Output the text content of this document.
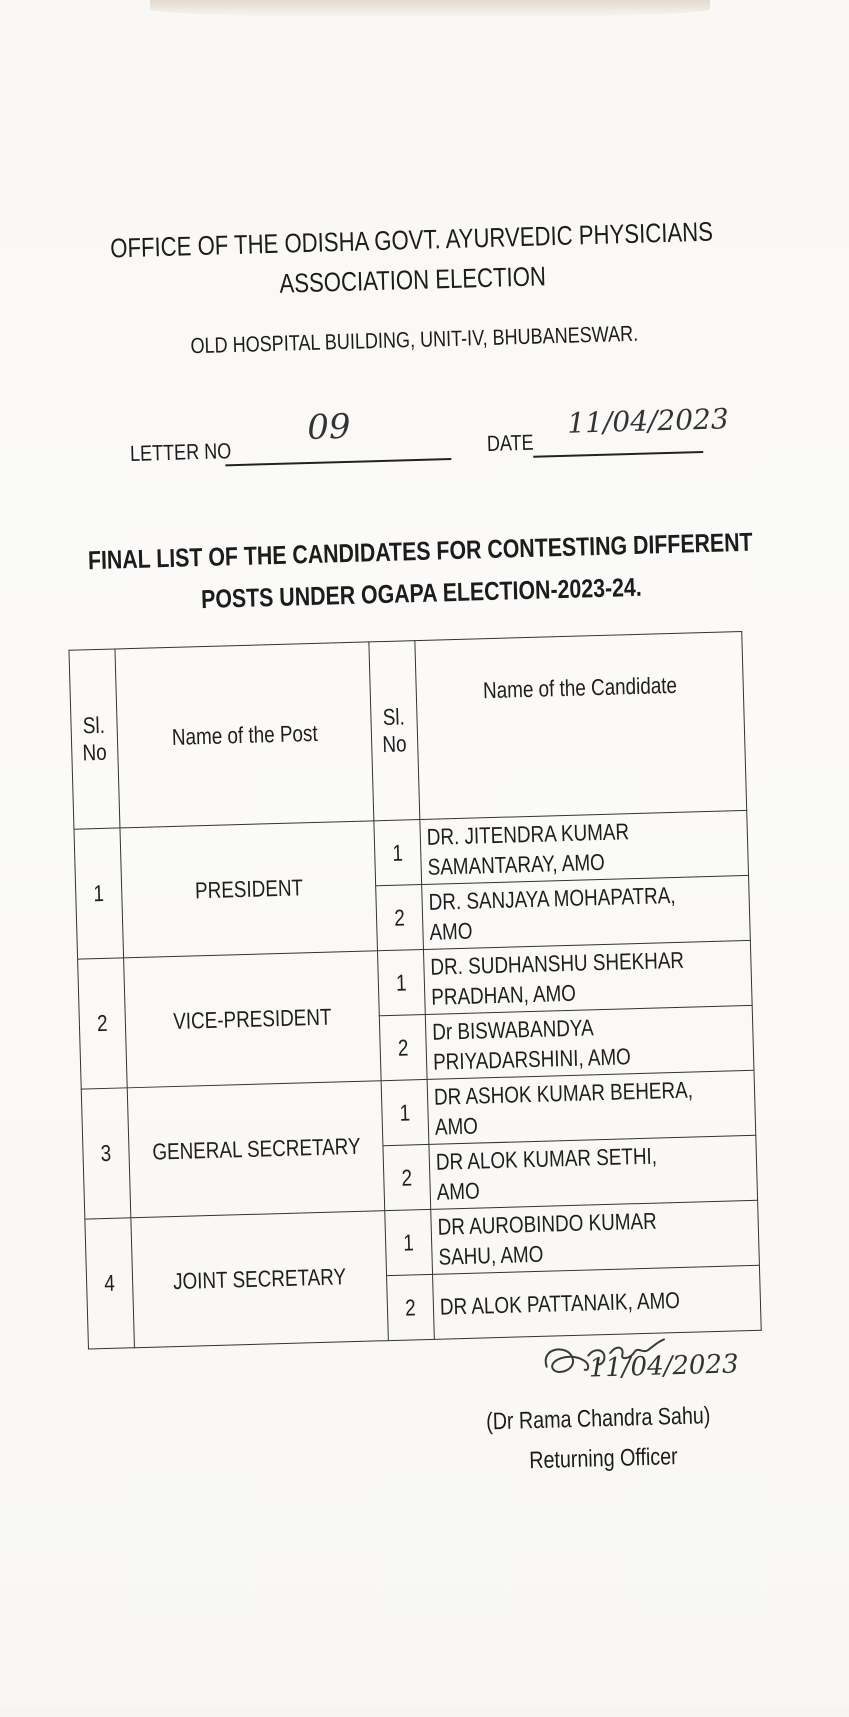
OFFICE OF THE ODISHA GOVT. AYURVEDIC PHYSICIANS
ASSOCIATION ELECTION
OLD HOSPITAL BUILDING, UNIT-IV, BHUBANESWAR.
LETTER NO
09	DATE
11/04/2023
FINAL LIST OF THE CANDIDATES FOR CONTESTING DIFFERENT
POSTS UNDER OGAPA ELECTION-2023-24.
Sl. No	Name of the Post	Sl. No	Name of the Candidate
1	PRESIDENT	1	DR. JITENDRA KUMAR
SAMANTARAY, AMO
		2	DR. SANJAYA MOHAPATRA,
AMO
2	VICE-PRESIDENT	1	DR. SUDHANSHU SHEKHAR
PRADHAN, AMO
		2	Dr BISWABANDYA
PRIYADARSHINI, AMO
3	GENERAL SECRETARY	1	DR ASHOK KUMAR BEHERA,
AMO
		2	DR ALOK KUMAR SETHI,
AMO
4	JOINT SECRETARY	1	DR AUROBINDO KUMAR
SAHU, AMO
		2	DR ALOK PATTANAIK, AMO
11/04/2023
(Dr Rama Chandra Sahu)
Returning Officer
